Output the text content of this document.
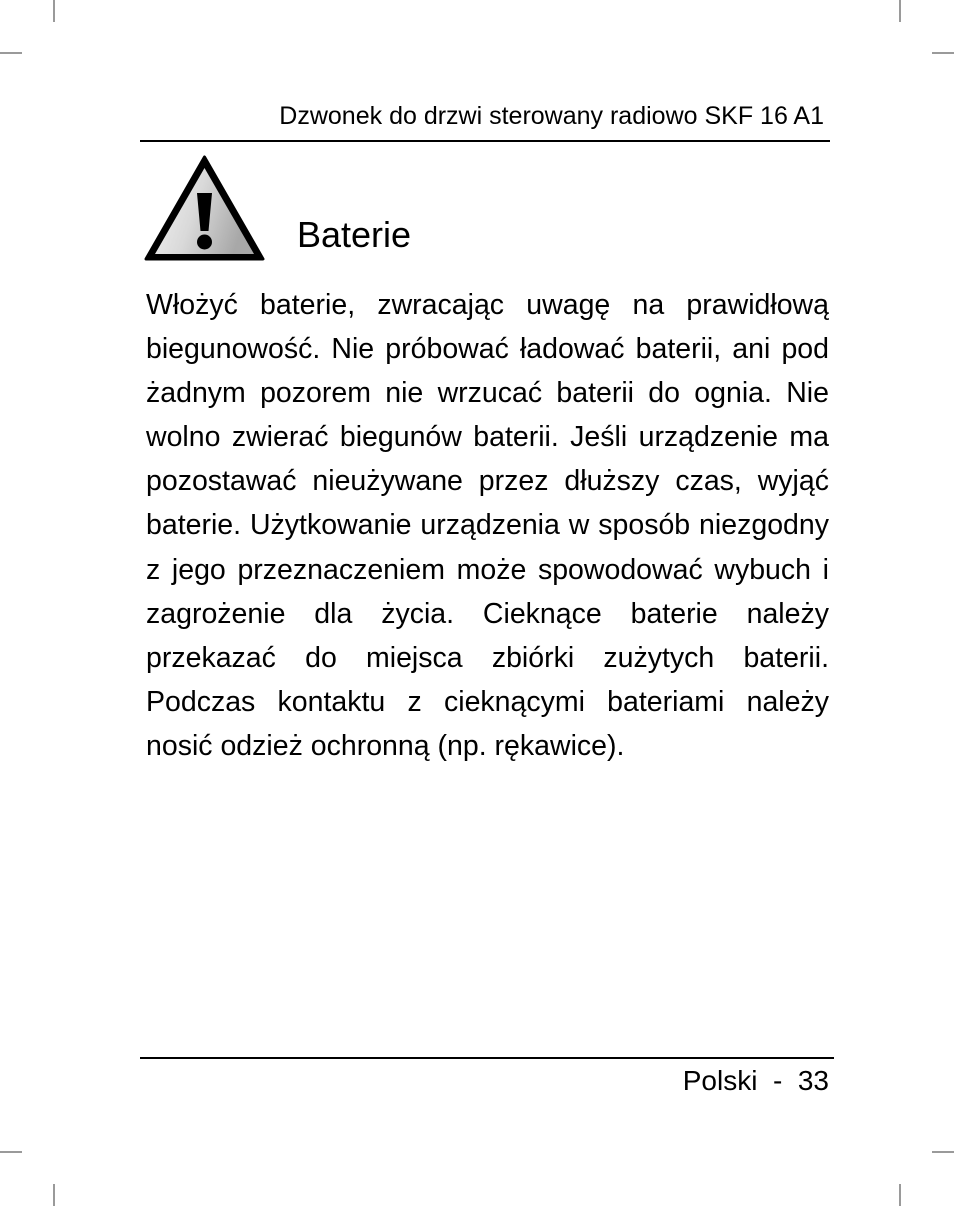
Dzwonek do drzwi sterowany radiowo SKF 16 A1
Baterie

Włożyć baterie, zwracając uwagę na prawidłową biegunowość. Nie próbować ładować baterii, ani pod żadnym pozorem nie wrzucać baterii do ognia. Nie wolno zwierać biegunów baterii. Jeśli urządzenie ma pozostawać nieużywane przez dłuższy czas, wyjąć baterie. Użytkowanie urządzenia w sposób niezgodny z jego przeznaczeniem może spowodować wybuch i zagrożenie dla życia. Cieknące baterie należy przekazać do miejsca zbiórki zużytych baterii. Podczas kontaktu z cieknącymi bateriami należy nosić odzież ochronną (np. rękawice).

Polski  -  33
